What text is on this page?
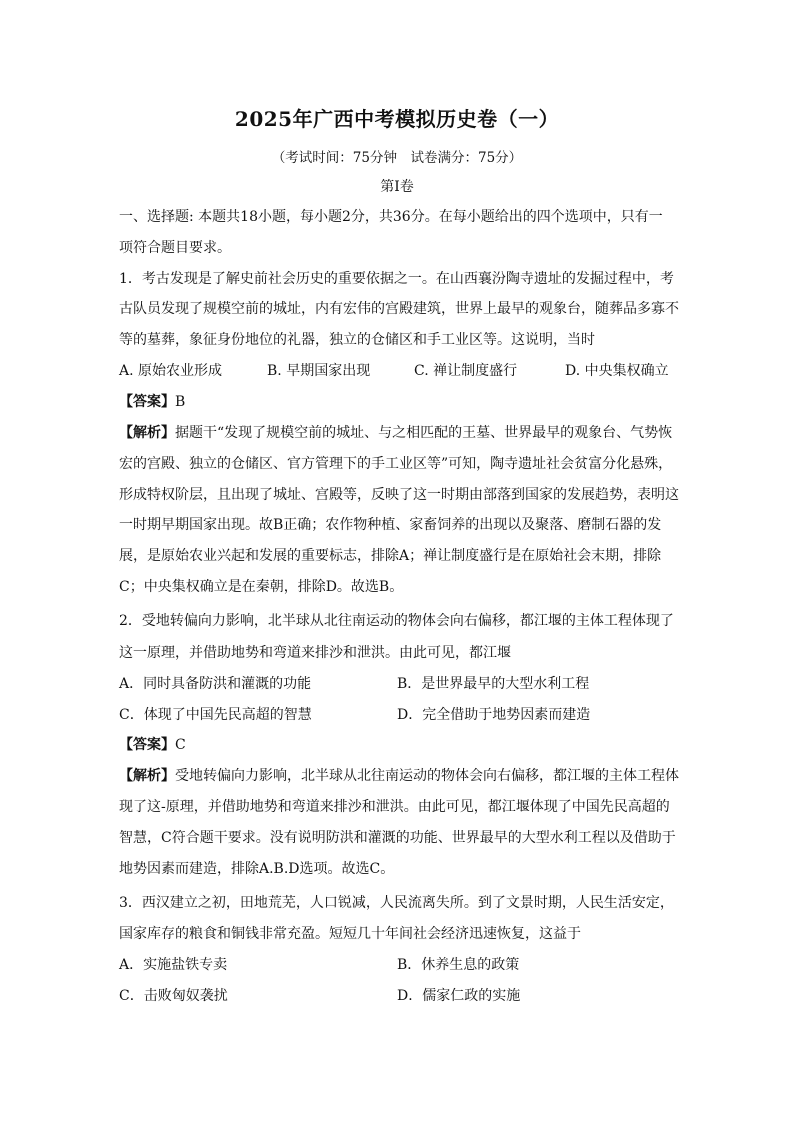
2025年广西中考模拟历史卷（一）
（考试时间：75分钟　试卷满分：75分）
第Ⅰ卷
一、选择题: 本题共18小题，每小题2分，共36分。在每小题给出的四个选项中，只有一
项符合题目要求。
1．考古发现是了解史前社会历史的重要依据之一。在山西襄汾陶寺遗址的发掘过程中，考
古队员发现了规模空前的城址，内有宏伟的宫殿建筑，世界上最早的观象台，随葬品多寡不
等的墓葬，象征身份地位的礼器，独立的仓储区和手工业区等。这说明，当时
A. 原始农业形成	B. 早期国家出现	C. 禅让制度盛行	D. 中央集权确立
【答案】B
【解析】据题干“发现了规模空前的城址、与之相匹配的王墓、世界最早的观象台、气势恢
宏的宫殿、独立的仓储区、官方管理下的手工业区等”可知，陶寺遗址社会贫富分化悬殊，
形成特权阶层，且出现了城址、宫殿等，反映了这一时期由部落到国家的发展趋势，表明这
一时期早期国家出现。故B正确；农作物种植、家畜饲养的出现以及聚落、磨制石器的发
展，是原始农业兴起和发展的重要标志，排除A；禅让制度盛行是在原始社会末期，排除
C；中央集权确立是在秦朝，排除D。故选B。
2．受地转偏向力影响，北半球从北往南运动的物体会向右偏移，都江堰的主体工程体现了
这一原理，并借助地势和弯道来排沙和泄洪。由此可见，都江堰
A．同时具备防洪和灌溉的功能	B．是世界最早的大型水利工程
C．体现了中国先民高超的智慧	D．完全借助于地势因素而建造
【答案】C
【解析】受地转偏向力影响，北半球从北往南运动的物体会向右偏移，都江堰的主体工程体
现了这-原理，并借助地势和弯道来排沙和泄洪。由此可见，都江堰体现了中国先民高超的
智慧，C符合题干要求。没有说明防洪和灌溉的功能、世界最早的大型水利工程以及借助于
地势因素而建造，排除A.B.D选项。故选C。
3．西汉建立之初，田地荒芜，人口锐减，人民流离失所。到了文景时期，人民生活安定，
国家库存的粮食和铜钱非常充盈。短短几十年间社会经济迅速恢复，这益于
A．实施盐铁专卖	B．休养生息的政策
C．击败匈奴袭扰	D．儒家仁政的实施
